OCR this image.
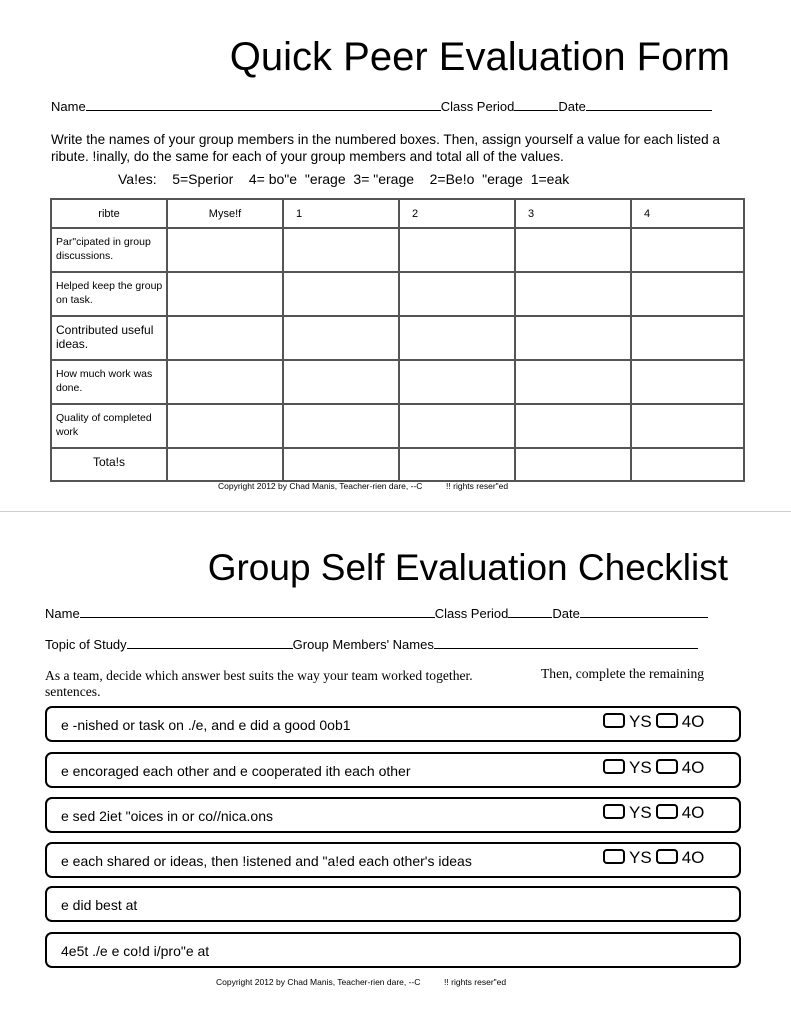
Quick Peer Evaluation Form
Name	Class Period	Date
Write the names of your group members in the numbered boxes. Then, assign yourself a value for each listed a ribute. !inally, do the same for each of your group members and total all of the values.
Va!es: 5=Sperior 4= bo"e "erage 3= "erage 2=Be!o "erage 1=eak
ribte	Myse!f	1	2	3	4
Par"cipated in group discussions.					
Helped keep the group on task.					
Contributed useful ideas.					
How much work was done.					
Quality of completed work					
Tota!s					
Copyright 2012 by Chad Manis, Teacher-rien dare, --C	!! rights reser"ed
Group Self Evaluation Checklist
Name	Class Period	Date
Topic of Study	Group Members' Names
As a team, decide which answer best suits the way your team worked together. sentences.
Then, complete the remaining
e -nished or task on ./e, and e did a good 0ob1	YS 4O
e encoraged each other and e cooperated ith each other	YS 4O
e sed 2iet "oices in or co//nica.ons	YS 4O
e each shared or ideas, then !istened and "a!ed each other's ideas	YS 4O
e did best at
4e5t ./e e co!d i/pro"e at
Copyright 2012 by Chad Manis, Teacher-rien dare, --C	!! rights reser"ed
